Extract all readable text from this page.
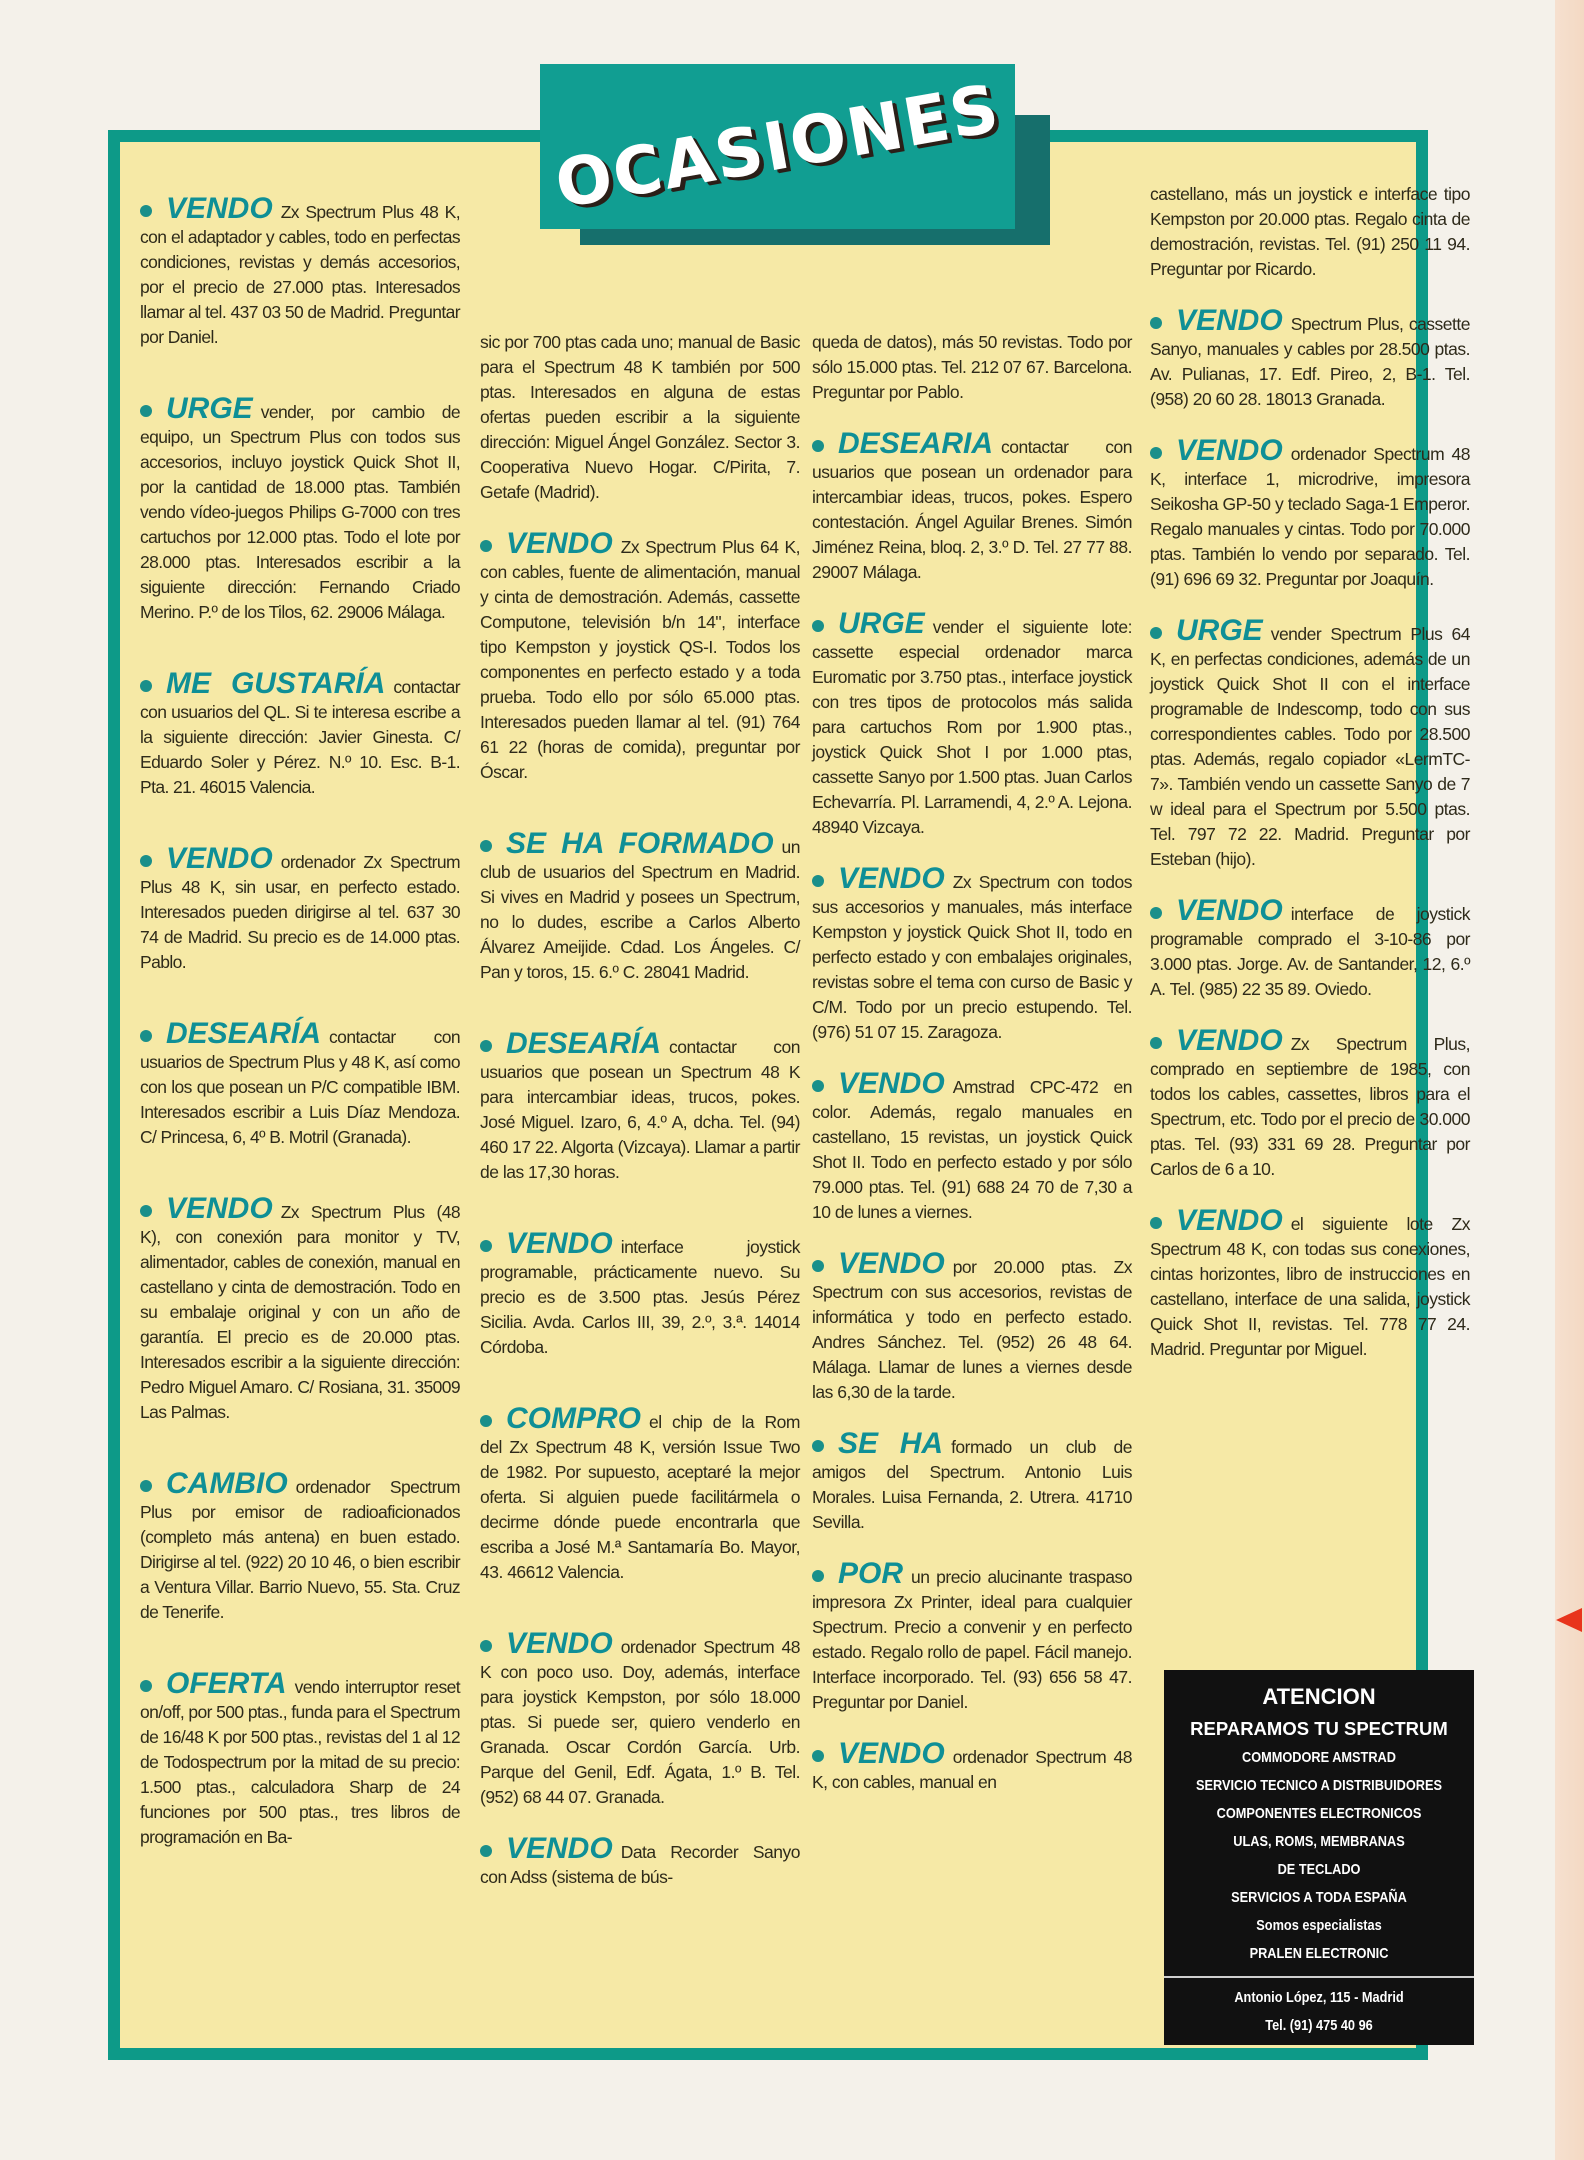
OCASIONES

VENDO Zx Spectrum Plus 48 K, con el adaptador y cables, todo en perfectas condiciones, revistas y demás accesorios, por el precio de 27.000 ptas. Interesados llamar al tel. 437 03 50 de Madrid. Preguntar por Daniel.

URGE vender, por cambio de equipo, un Spectrum Plus con todos sus accesorios, incluyo joystick Quick Shot II, por la cantidad de 18.000 ptas. También vendo vídeo-juegos Philips G-7000 con tres cartuchos por 12.000 ptas. Todo el lote por 28.000 ptas. Interesados escribir a la siguiente dirección: Fernando Criado Merino. P.º de los Tilos, 62. 29006 Málaga.

ME GUSTARÍA contactar con usuarios del QL. Si te interesa escribe a la siguiente dirección: Javier Ginesta. C/ Eduardo Soler y Pérez. N.º 10. Esc. B-1. Pta. 21. 46015 Valencia.

VENDO ordenador Zx Spectrum Plus 48 K, sin usar, en perfecto estado. Interesados pueden dirigirse al tel. 637 30 74 de Madrid. Su precio es de 14.000 ptas. Pablo.

DESEARÍA contactar con usuarios de Spectrum Plus y 48 K, así como con los que posean un P/C compatible IBM. Interesados escribir a Luis Díaz Mendoza. C/ Princesa, 6, 4º B. Motril (Granada).

VENDO Zx Spectrum Plus (48 K), con conexión para monitor y TV, alimentador, cables de conexión, manual en castellano y cinta de demostración. Todo en su embalaje original y con un año de garantía. El precio es de 20.000 ptas. Interesados escribir a la siguiente dirección: Pedro Miguel Amaro. C/ Rosiana, 31. 35009 Las Palmas.

CAMBIO ordenador Spectrum Plus por emisor de radioaficionados (completo más antena) en buen estado. Dirigirse al tel. (922) 20 10 46, o bien escribir a Ventura Villar. Barrio Nuevo, 55. Sta. Cruz de Tenerife.

OFERTA vendo interruptor reset on/off, por 500 ptas., funda para el Spectrum de 16/48 K por 500 ptas., revistas del 1 al 12 de Todospectrum por la mitad de su precio: 1.500 ptas., calculadora Sharp de 24 funciones por 500 ptas., tres libros de programación en Ba-

sic por 700 ptas cada uno; manual de Basic para el Spectrum 48 K también por 500 ptas. Interesados en alguna de estas ofertas pueden escribir a la siguiente dirección: Miguel Ángel González. Sector 3. Cooperativa Nuevo Hogar. C/Pirita, 7. Getafe (Madrid).

VENDO Zx Spectrum Plus 64 K, con cables, fuente de alimentación, manual y cinta de demostración. Además, cassette Computone, televisión b/n 14", interface tipo Kempston y joystick QS-I. Todos los componentes en perfecto estado y a toda prueba. Todo ello por sólo 65.000 ptas. Interesados pueden llamar al tel. (91) 764 61 22 (horas de comida), preguntar por Óscar.

SE HA FORMADO un club de usuarios del Spectrum en Madrid. Si vives en Madrid y posees un Spectrum, no lo dudes, escribe a Carlos Alberto Álvarez Ameijide. Cdad. Los Ángeles. C/ Pan y toros, 15. 6.º C. 28041 Madrid.

DESEARÍA contactar con usuarios que posean un Spectrum 48 K para intercambiar ideas, trucos, pokes. José Miguel. Izaro, 6, 4.º A, dcha. Tel. (94) 460 17 22. Algorta (Vizcaya). Llamar a partir de las 17,30 horas.

VENDO interface joystick programable, prácticamente nuevo. Su precio es de 3.500 ptas. Jesús Pérez Sicilia. Avda. Carlos III, 39, 2.º, 3.ª. 14014 Córdoba.

COMPRO el chip de la Rom del Zx Spectrum 48 K, versión Issue Two de 1982. Por supuesto, aceptaré la mejor oferta. Si alguien puede facilitármela o decirme dónde puede encontrarla que escriba a José M.ª Santamaría Bo. Mayor, 43. 46612 Valencia.

VENDO ordenador Spectrum 48 K con poco uso. Doy, además, interface para joystick Kempston, por sólo 18.000 ptas. Si puede ser, quiero venderlo en Granada. Oscar Cordón García. Urb. Parque del Genil, Edf. Ágata, 1.º B. Tel. (952) 68 44 07. Granada.

VENDO Data Recorder Sanyo con Adss (sistema de bús-

queda de datos), más 50 revistas. Todo por sólo 15.000 ptas. Tel. 212 07 67. Barcelona. Preguntar por Pablo.

DESEARIA contactar con usuarios que posean un ordenador para intercambiar ideas, trucos, pokes. Espero contestación. Ángel Aguilar Brenes. Simón Jiménez Reina, bloq. 2, 3.º D. Tel. 27 77 88. 29007 Málaga.

URGE vender el siguiente lote: cassette especial ordenador marca Euromatic por 3.750 ptas., interface joystick con tres tipos de protocolos más salida para cartuchos Rom por 1.900 ptas., joystick Quick Shot I por 1.000 ptas, cassette Sanyo por 1.500 ptas. Juan Carlos Echevarría. Pl. Larramendi, 4, 2.º A. Lejona. 48940 Vizcaya.

VENDO Zx Spectrum con todos sus accesorios y manuales, más interface Kempston y joystick Quick Shot II, todo en perfecto estado y con embalajes originales, revistas sobre el tema con curso de Basic y C/M. Todo por un precio estupendo. Tel. (976) 51 07 15. Zaragoza.

VENDO Amstrad CPC-472 en color. Además, regalo manuales en castellano, 15 revistas, un joystick Quick Shot II. Todo en perfecto estado y por sólo 79.000 ptas. Tel. (91) 688 24 70 de 7,30 a 10 de lunes a viernes.

VENDO por 20.000 ptas. Zx Spectrum con sus accesorios, revistas de informática y todo en perfecto estado. Andres Sánchez. Tel. (952) 26 48 64. Málaga. Llamar de lunes a viernes desde las 6,30 de la tarde.

SE HA formado un club de amigos del Spectrum. Antonio Luis Morales. Luisa Fernanda, 2. Utrera. 41710 Sevilla.

POR un precio alucinante traspaso impresora Zx Printer, ideal para cualquier Spectrum. Precio a convenir y en perfecto estado. Regalo rollo de papel. Fácil manejo. Interface incorporado. Tel. (93) 656 58 47. Preguntar por Daniel.

VENDO ordenador Spectrum 48 K, con cables, manual en

castellano, más un joystick e interface tipo Kempston por 20.000 ptas. Regalo cinta de demostración, revistas. Tel. (91) 250 11 94. Preguntar por Ricardo.

VENDO Spectrum Plus, cassette Sanyo, manuales y cables por 28.500 ptas. Av. Pulianas, 17. Edf. Pireo, 2, B-1. Tel. (958) 20 60 28. 18013 Granada.

VENDO ordenador Spectrum 48 K, interface 1, microdrive, impresora Seikosha GP-50 y teclado Saga-1 Emperor. Regalo manuales y cintas. Todo por 70.000 ptas. También lo vendo por separado. Tel. (91) 696 69 32. Preguntar por Joaquín.

URGE vender Spectrum Plus 64 K, en perfectas condiciones, además de un joystick Quick Shot II con el interface programable de Indescomp, todo con sus correspondientes cables. Todo por 28.500 ptas. Además, regalo copiador «LermTC-7». También vendo un cassette Sanyo de 7 w ideal para el Spectrum por 5.500 ptas. Tel. 797 72 22. Madrid. Preguntar por Esteban (hijo).

VENDO interface de joystick programable comprado el 3-10-86 por 3.000 ptas. Jorge. Av. de Santander, 12, 6.º A. Tel. (985) 22 35 89. Oviedo.

VENDO Zx Spectrum Plus, comprado en septiembre de 1985, con todos los cables, cassettes, libros para el Spectrum, etc. Todo por el precio de 30.000 ptas. Tel. (93) 331 69 28. Preguntar por Carlos de 6 a 10.

VENDO el siguiente lote Zx Spectrum 48 K, con todas sus conexiones, cintas horizontes, libro de instrucciones en castellano, interface de una salida, joystick Quick Shot II, revistas. Tel. 778 77 24. Madrid. Preguntar por Miguel.

ATENCION
REPARAMOS TU SPECTRUM
COMMODORE AMSTRAD
SERVICIO TECNICO A DISTRIBUIDORES
COMPONENTES ELECTRONICOS
ULAS, ROMS, MEMBRANAS
DE TECLADO
SERVICIOS A TODA ESPAÑA
Somos especialistas
PRALEN ELECTRONIC
Antonio López, 115 - Madrid
Tel. (91) 475 40 96
